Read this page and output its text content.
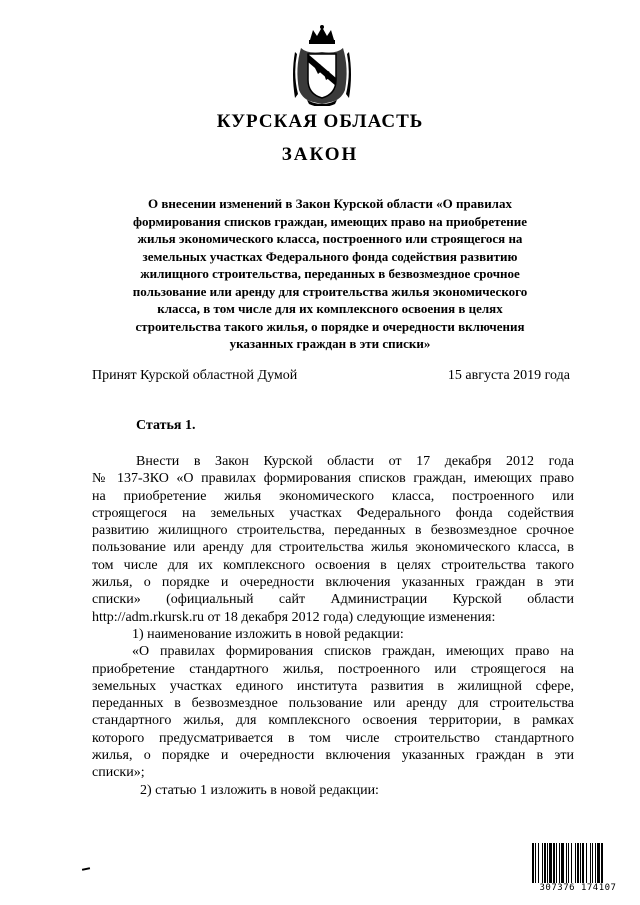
КУРСКАЯ ОБЛАСТЬ
ЗАКОН
О внесении изменений в Закон Курской области «О правилах
формирования списков граждан, имеющих право на приобретение
жилья экономического класса, построенного или строящегося на
земельных участках Федерального фонда содействия развитию
жилищного строительства, переданных в безвозмездное срочное
пользование или аренду для строительства жилья экономического
класса, в том числе для их комплексного освоения в целях
строительства такого жилья, о порядке и очередности включения
указанных граждан в эти списки»
Принят Курской областной Думой	15 августа 2019 года
Статья 1.
Внести в Закон Курской области от 17 декабря 2012 года
№ 137-ЗКО «О правилах формирования списков граждан, имеющих право
на приобретение жилья экономического класса, построенного или
строящегося на земельных участках Федерального фонда содействия
развитию жилищного строительства, переданных в безвозмездное срочное
пользование или аренду для строительства жилья экономического класса, в
том числе для их комплексного освоения в целях строительства такого
жилья, о порядке и очередности включения указанных граждан в эти
списки» (официальный сайт Администрации Курской области
http://adm.rkursk.ru от 18 декабря 2012 года) следующие изменения:
1) наименование изложить в новой редакции:
«О правилах формирования списков граждан, имеющих право на
приобретение стандартного жилья, построенного или строящегося на
земельных участках единого института развития в жилищной сфере,
переданных в безвозмездное пользование или аренду для строительства
стандартного жилья, для комплексного освоения территории, в рамках
которого предусматривается в том числе строительство стандартного
жилья, о порядке и очередности включения указанных граждан в эти
списки»;
2) статью 1 изложить в новой редакции:
307376 174107
